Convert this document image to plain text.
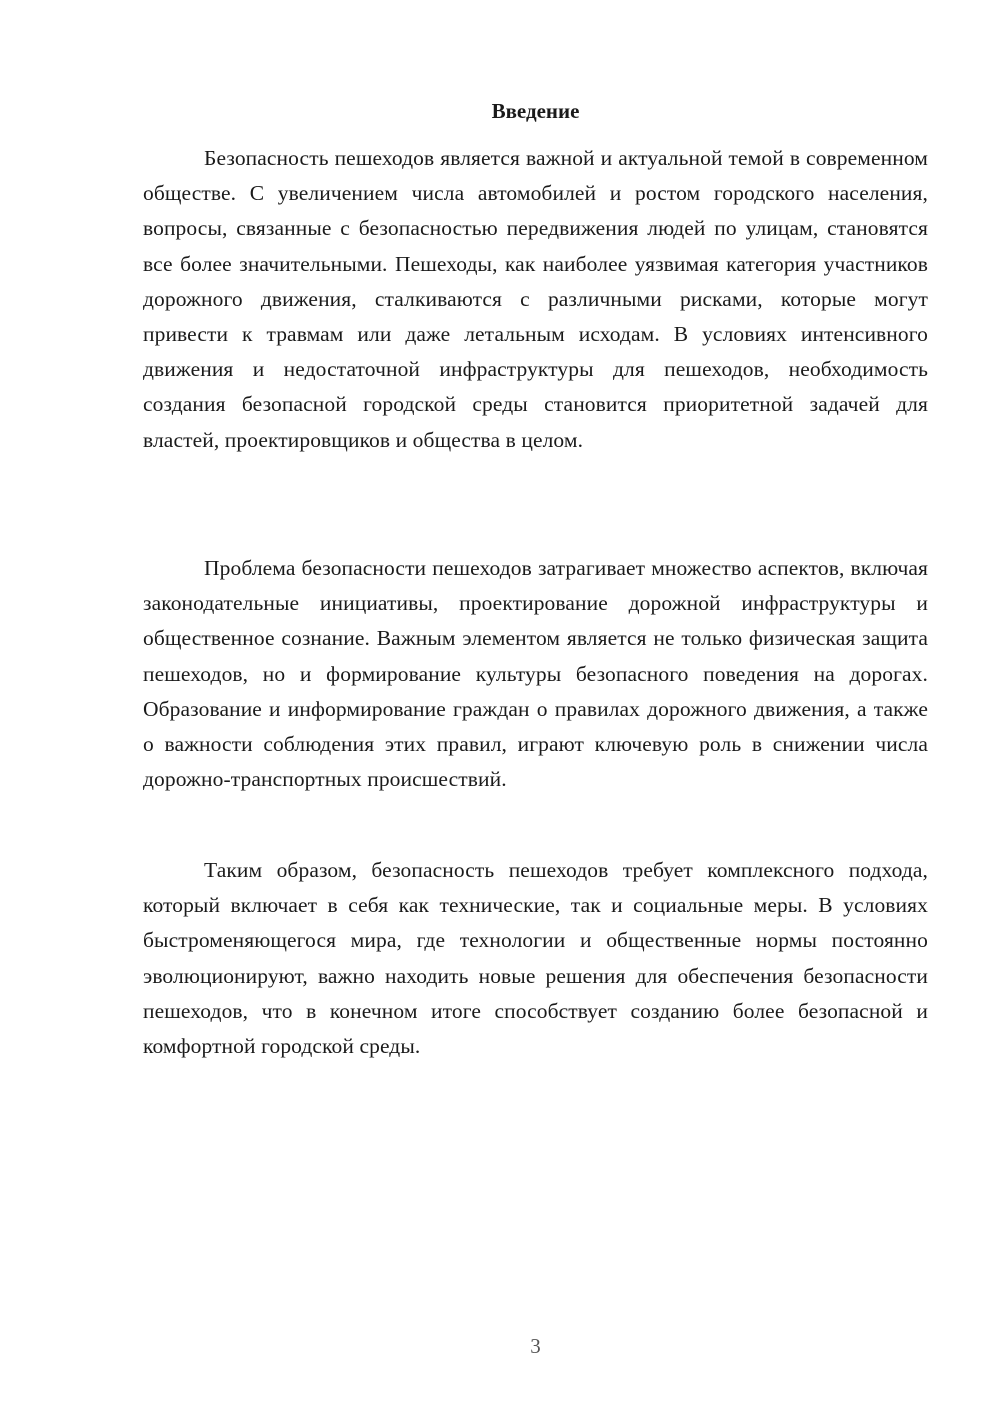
Введение

Безопасность пешеходов является важной и актуальной темой в современном обществе. С увеличением числа автомобилей и ростом городского населения, вопросы, связанные с безопасностью передвижения людей по улицам, становятся все более значительными. Пешеходы, как наиболее уязвимая категория участников дорожного движения, сталкиваются с различными рисками, которые могут привести к травмам или даже летальным исходам. В условиях интенсивного движения и недостаточной инфраструктуры для пешеходов, необходимость создания безопасной городской среды становится приоритетной задачей для властей, проектировщиков и общества в целом.

Проблема безопасности пешеходов затрагивает множество аспектов, включая законодательные инициативы, проектирование дорожной инфраструктуры и общественное сознание. Важным элементом является не только физическая защита пешеходов, но и формирование культуры безопасного поведения на дорогах. Образование и информирование граждан о правилах дорожного движения, а также о важности соблюдения этих правил, играют ключевую роль в снижении числа дорожно-транспортных происшествий.

Таким образом, безопасность пешеходов требует комплексного подхода, который включает в себя как технические, так и социальные меры. В условиях быстроменяющегося мира, где технологии и общественные нормы постоянно эволюционируют, важно находить новые решения для обеспечения безопасности пешеходов, что в конечном итоге способствует созданию более безопасной и комфортной городской среды.

3
